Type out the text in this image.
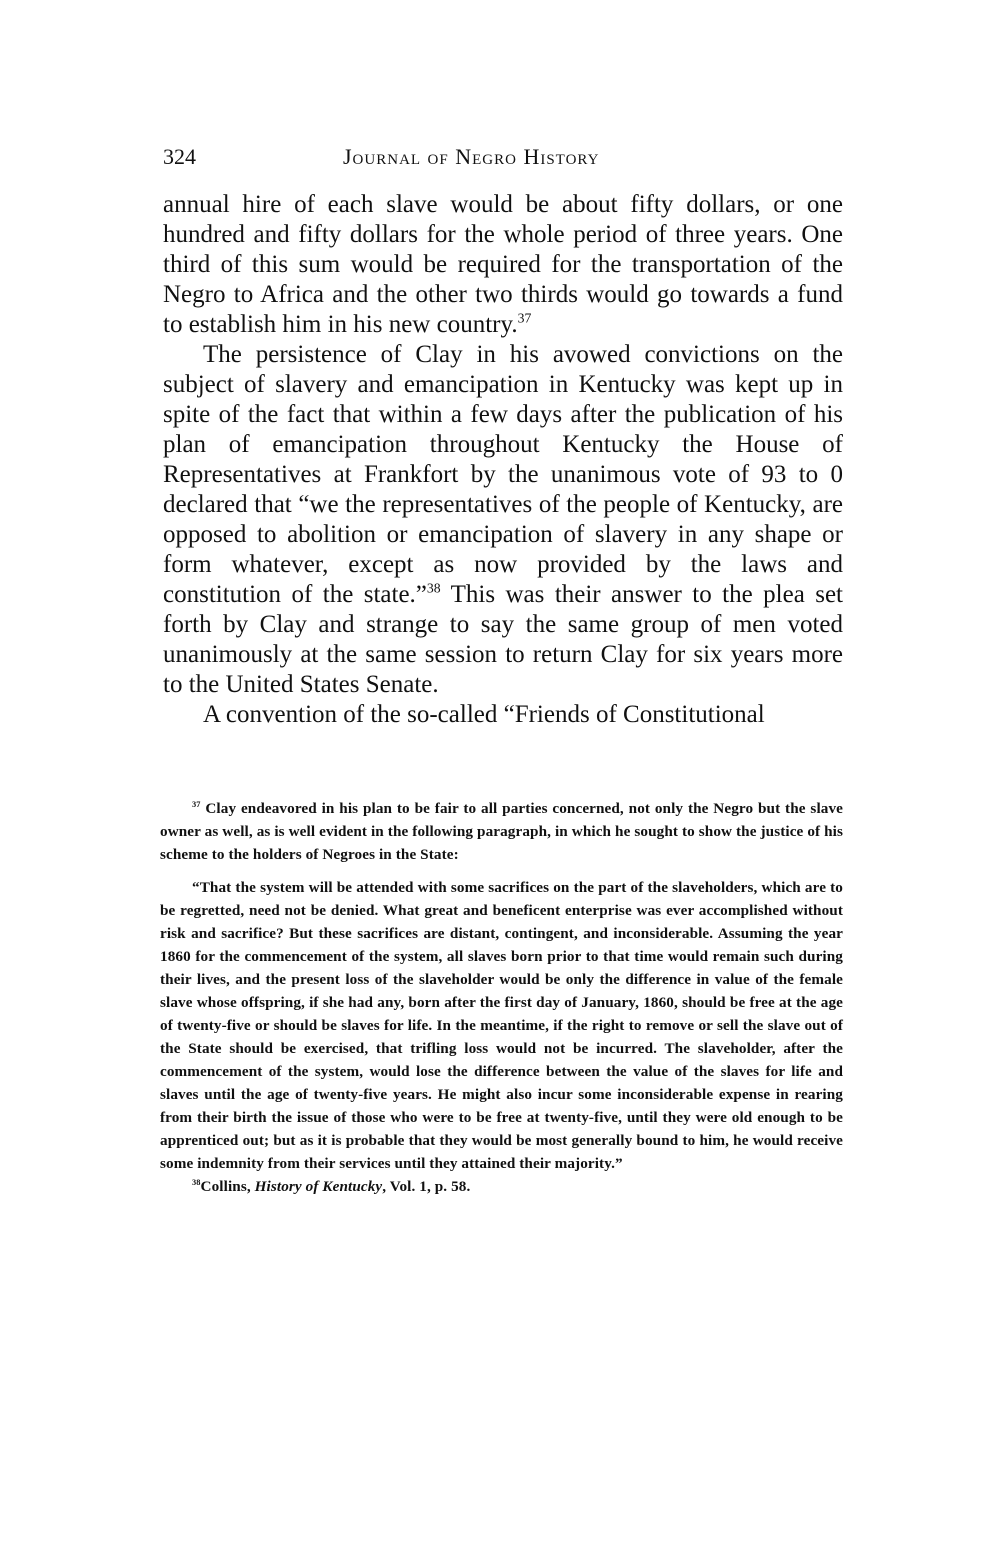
324	Journal of Negro History

annual hire of each slave would be about fifty dollars, or one hundred and fifty dollars for the whole period of three years. One third of this sum would be required for the transportation of the Negro to Africa and the other two thirds would go towards a fund to establish him in his new country.$^{37}$

The persistence of Clay in his avowed convictions on the subject of slavery and emancipation in Kentucky was kept up in spite of the fact that within a few days after the publication of his plan of emancipation throughout Kentucky the House of Representatives at Frankfort by the unanimous vote of 93 to 0 declared that “we the representatives of the people of Kentucky, are opposed to abolition or emancipation of slavery in any shape or form whatever, except as now provided by the laws and constitution of the state.”$^{38}$ This was their answer to the plea set forth by Clay and strange to say the same group of men voted unanimously at the same session to return Clay for six years more to the United States Senate.

A convention of the so-called “Friends of Constitutional

$^{37}$ Clay endeavored in his plan to be fair to all parties concerned, not only the Negro but the slave owner as well, as is well evident in the following paragraph, in which he sought to show the justice of his scheme to the holders of Negroes in the State:

“That the system will be attended with some sacrifices on the part of the slaveholders, which are to be regretted, need not be denied. What great and beneficent enterprise was ever accomplished without risk and sacrifice? But these sacrifices are distant, contingent, and inconsiderable. Assuming the year 1860 for the commencement of the system, all slaves born prior to that time would remain such during their lives, and the present loss of the slaveholder would be only the difference in value of the female slave whose offspring, if she had any, born after the first day of January, 1860, should be free at the age of twenty-five or should be slaves for life. In the meantime, if the right to remove or sell the slave out of the State should be exercised, that trifling loss would not be incurred. The slaveholder, after the commencement of the system, would lose the difference between the value of the slaves for life and slaves until the age of twenty-five years. He might also incur some inconsiderable expense in rearing from their birth the issue of those who were to be free at twenty-five, until they were old enough to be apprenticed out; but as it is probable that they would be most generally bound to him, he would receive some indemnity from their services until they attained their majority.”

$^{38}$Collins, History of Kentucky, Vol. 1, p. 58.
